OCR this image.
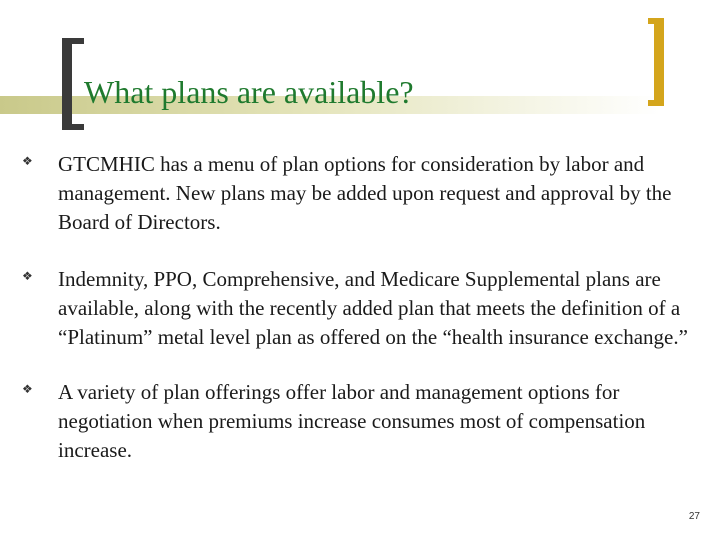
What plans are available?
❖ GTCMHIC has a menu of plan options for consideration by labor and management. New plans may be added upon request and approval by the Board of Directors.
❖ Indemnity, PPO, Comprehensive, and Medicare Supplemental plans are available, along with the recently added plan that meets the definition of a “Platinum” metal level plan as offered on the “health insurance exchange.”
❖ A variety of plan offerings offer labor and management options for negotiation when premiums increase consumes most of compensation increase.
27
